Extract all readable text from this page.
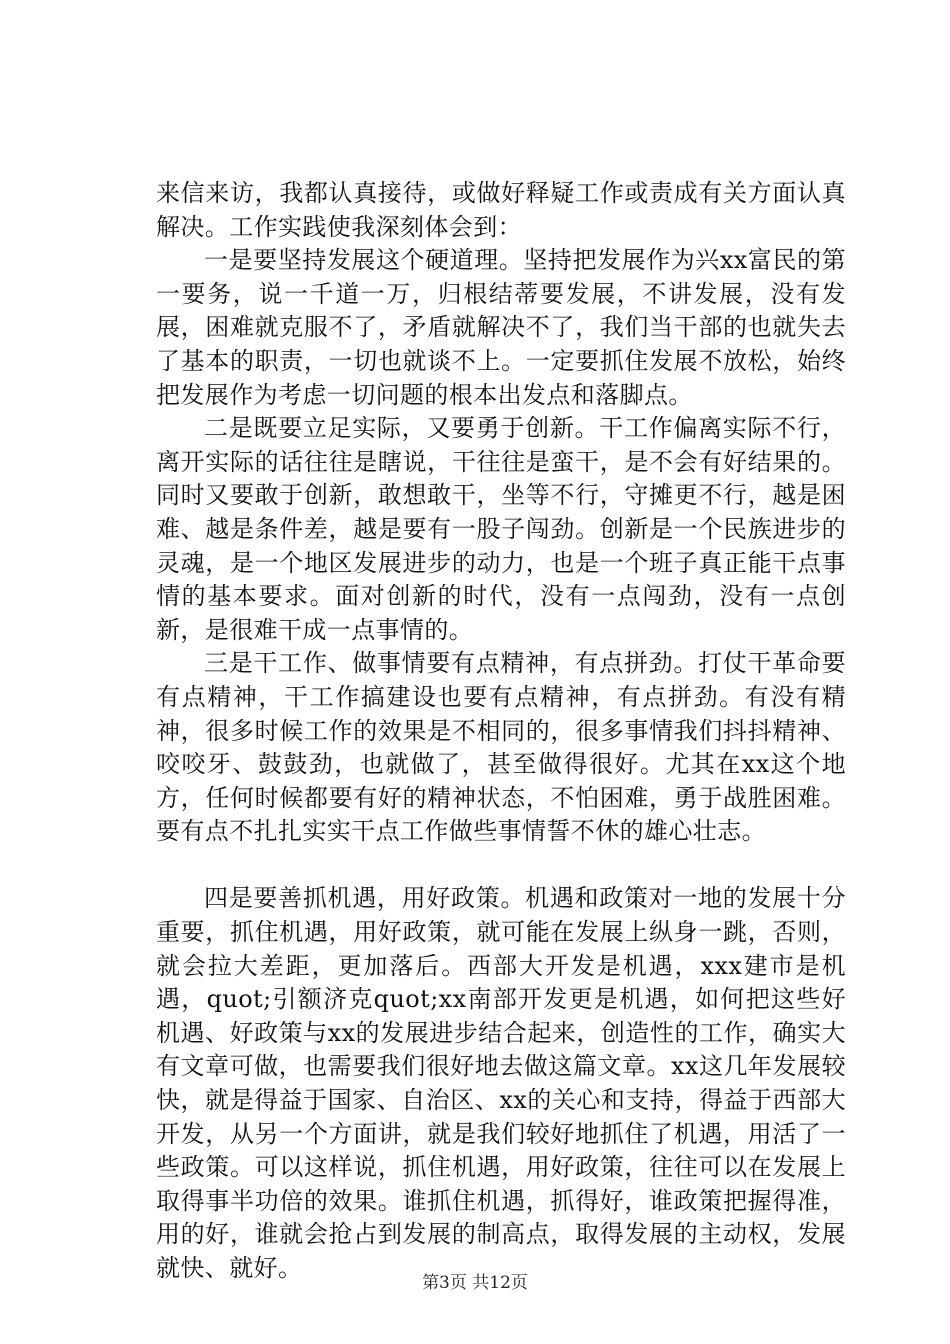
来信来访，我都认真接待，或做好释疑工作或责成有关方面认真解决。工作实践使我深刻体会到：

一是要坚持发展这个硬道理。坚持把发展作为兴xx富民的第一要务，说一千道一万，归根结蒂要发展，不讲发展，没有发展，困难就克服不了，矛盾就解决不了，我们当干部的也就失去了基本的职责，一切也就谈不上。一定要抓住发展不放松，始终把发展作为考虑一切问题的根本出发点和落脚点。

二是既要立足实际，又要勇于创新。干工作偏离实际不行，离开实际的话往往是瞎说，干往往是蛮干，是不会有好结果的。同时又要敢于创新，敢想敢干，坐等不行，守摊更不行，越是困难、越是条件差，越是要有一股子闯劲。创新是一个民族进步的灵魂，是一个地区发展进步的动力，也是一个班子真正能干点事情的基本要求。面对创新的时代，没有一点闯劲，没有一点创新，是很难干成一点事情的。

三是干工作、做事情要有点精神，有点拼劲。打仗干革命要有点精神，干工作搞建设也要有点精神，有点拼劲。有没有精神，很多时候工作的效果是不相同的，很多事情我们抖抖精神、咬咬牙、鼓鼓劲，也就做了，甚至做得很好。尤其在xx这个地方，任何时候都要有好的精神状态，不怕困难，勇于战胜困难。要有点不扎扎实实干点工作做些事情誓不休的雄心壮志。

四是要善抓机遇，用好政策。机遇和政策对一地的发展十分重要，抓住机遇，用好政策，就可能在发展上纵身一跳，否则，就会拉大差距，更加落后。西部大开发是机遇，xxx建市是机遇，quot;引额济克quot;xx南部开发更是机遇，如何把这些好机遇、好政策与xx的发展进步结合起来，创造性的工作，确实大有文章可做，也需要我们很好地去做这篇文章。xx这几年发展较快，就是得益于国家、自治区、xx的关心和支持，得益于西部大开发，从另一个方面讲，就是我们较好地抓住了机遇，用活了一些政策。可以这样说，抓住机遇，用好政策，往往可以在发展上取得事半功倍的效果。谁抓住机遇，抓得好，谁政策把握得准，用的好，谁就会抢占到发展的制高点，取得发展的主动权，发展就快、就好。

第3页 共12页
